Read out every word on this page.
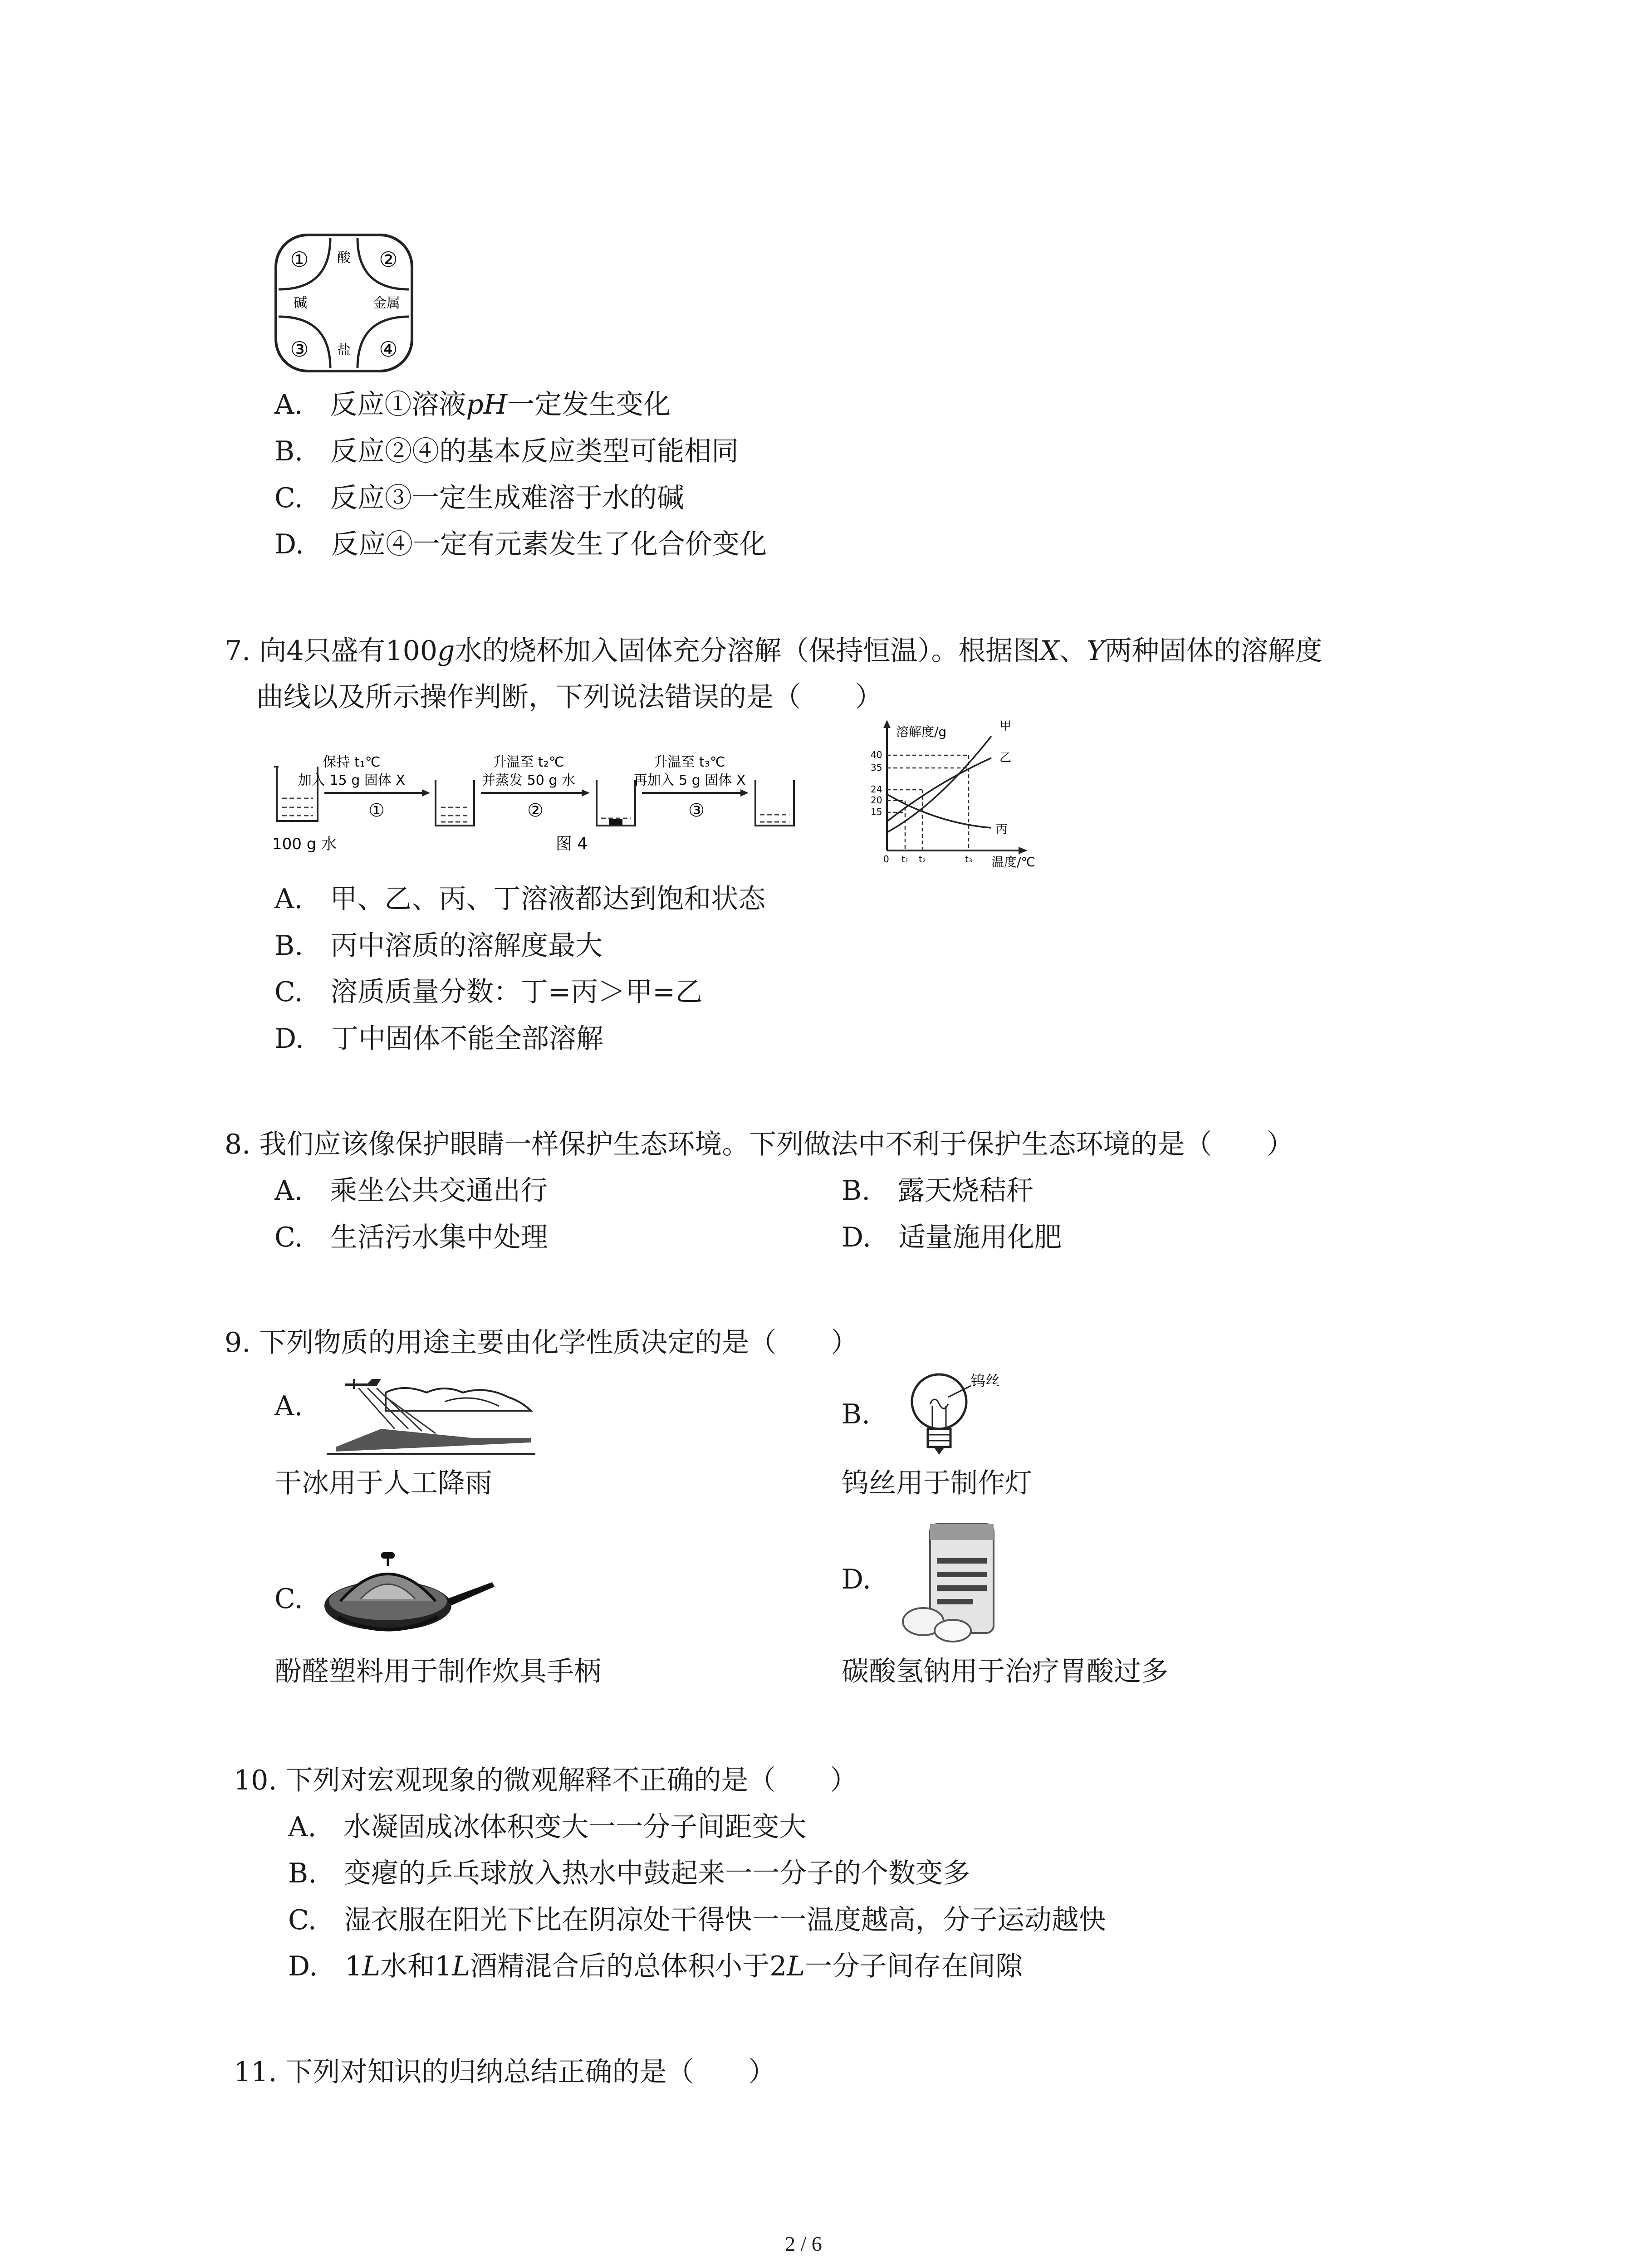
酸
碱	金属
盐
①	②
③	④
A.　 反应①溶液pH一定发生变化
B.　 反应②④的基本反应类型可能相同
C.　 反应③一定生成难溶于水的碱
D.　 反应④一定有元素发生了化合价变化
7. 向4只盛有100g水的烧杯加入固体充分溶解（保持恒温）。根据图X、Y两种固体的溶解度
曲线以及所示操作判断，下列说法错误的是（　　）
100 g 水
保持 t₁℃
加入 15 g 固体 X
①
升温至 t₂℃
并蒸发 50 g 水
②
图 4
升温至 t₃℃
再加入 5 g 固体 X
③
溶解度/g
温度/℃
40
35
24
20
15
甲
乙
丙
0 t₁ t₂	t₃
A.　 甲、乙、丙、丁溶液都达到饱和状态
B.　 丙中溶质的溶解度最大
C.　 溶质质量分数：丁=丙＞甲=乙
D.　 丁中固体不能全部溶解
8. 我们应该像保护眼睛一样保护生态环境。下列做法中不利于保护生态环境的是（　　）
A.　 乘坐公共交通出行	B.　 露天烧秸秆
C.　 生活污水集中处理	D.　 适量施用化肥
9. 下列物质的用途主要由化学性质决定的是（　　）
A.
干冰用于人工降雨
B.
钨丝
钨丝用于制作灯
C.
酚醛塑料用于制作炊具手柄
D.
碳酸氢钠用于治疗胃酸过多
10. 下列对宏观现象的微观解释不正确的是（　　）
A.　 水凝固成冰体积变大一一分子间距变大
B.　 变瘪的乒乓球放入热水中鼓起来一一分子的个数变多
C.　 湿衣服在阳光下比在阴凉处干得快一一温度越高，分子运动越快
D.　 1L水和1L酒精混合后的总体积小于2L一分子间存在间隙
11. 下列对知识的归纳总结正确的是（　　）
2 / 6
